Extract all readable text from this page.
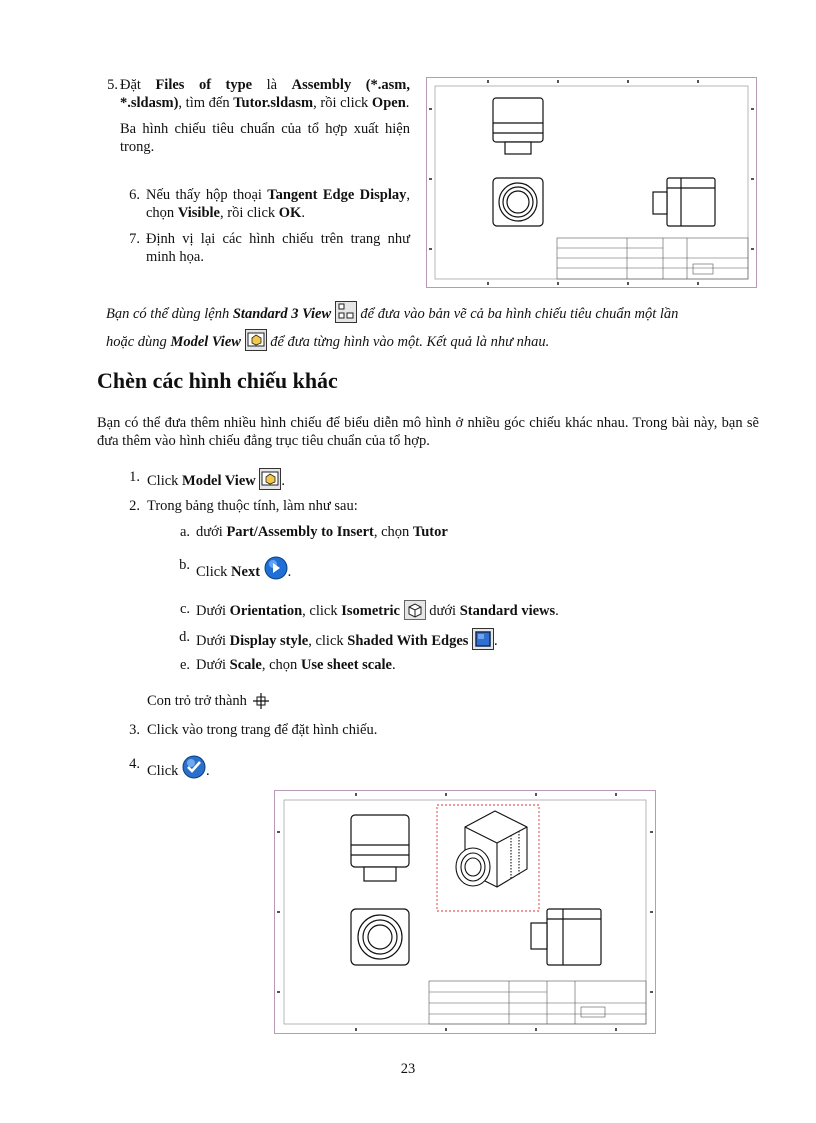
5. Đặt Files of type là Assembly (*.asm, *.sldasm), tìm đến Tutor.sldasm, rồi click Open.
Ba hình chiếu tiêu chuẩn của tổ hợp xuất hiện trong.
6. Nếu thấy hộp thoại Tangent Edge Display, chọn Visible, rồi click OK.
7. Định vị lại các hình chiếu trên trang như minh họa.
Bạn có thể dùng lệnh Standard 3 View  để đưa vào bản vẽ cả ba hình chiếu tiêu chuẩn một lần
hoặc dùng Model View  để đưa từng hình vào một. Kết quả là như nhau.
Chèn các hình chiếu khác
Bạn có thể đưa thêm nhiều hình chiếu để biểu diễn mô hình ở nhiều góc chiếu khác nhau. Trong bài này, bạn sẽ đưa thêm vào hình chiếu đẳng trục tiêu chuẩn của tổ hợp.
1. Click Model View .
2. Trong bảng thuộc tính, làm như sau:
a. dưới Part/Assembly to Insert, chọn Tutor
b. Click Next .
c. Dưới Orientation, click Isometric  dưới Standard views.
d. Dưới Display style, click Shaded With Edges .
e. Dưới Scale, chọn Use sheet scale.
Con trỏ trở thành
3. Click vào trong trang để đặt hình chiếu.
4. Click .
23
